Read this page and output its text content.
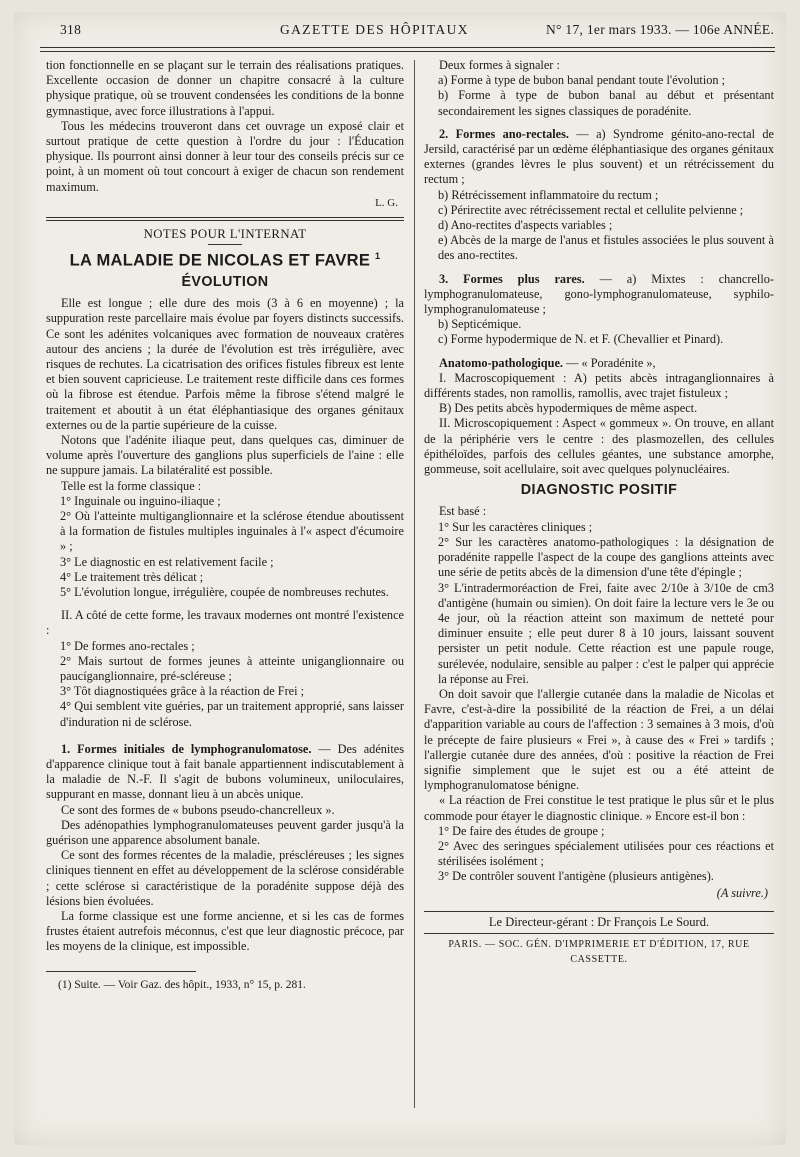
318	GAZETTE DES HÔPITAUX	N° 17, 1er mars 1933. — 106e ANNÉE.

tion fonctionnelle en se plaçant sur le terrain des réalisations pratiques. Excellente occasion de donner un chapitre consacré à la culture physique pratique, où se trouvent condensées les conditions de la bonne gymnastique, avec force illustrations à l'appui.

Tous les médecins trouveront dans cet ouvrage un exposé clair et surtout pratique de cette question à l'ordre du jour : l'Éducation physique. Ils pourront ainsi donner à leur tour des conseils précis sur ce point, à un moment où tout concourt à exiger de chacun son rendement maximum.

L. G.
NOTES POUR L'INTERNAT
LA MALADIE DE NICOLAS ET FAVRE $^1$
ÉVOLUTION

Elle est longue ; elle dure des mois (3 à 6 en moyenne) ; la suppuration reste parcellaire mais évolue par foyers distincts successifs. Ce sont les adénites volcaniques avec formation de nouveaux cratères autour des anciens ; la durée de l'évolution est très irrégulière, avec risques de rechutes. La cicatrisation des orifices fistules fibreux est lente et bien souvent capricieuse. Le traitement reste difficile dans ces formes où la fibrose est étendue. Parfois même la fibrose s'étend malgré le traitement et aboutit à un état éléphantiasique des organes génitaux externes ou de la partie supérieure de la cuisse.

Notons que l'adénite iliaque peut, dans quelques cas, diminuer de volume après l'ouverture des ganglions plus superficiels de l'aine : elle ne suppure jamais. La bilatéralité est possible.

Telle est la forme classique :

1° Inguinale ou inguino-iliaque ;

2° Où l'atteinte multiganglionnaire et la sclérose étendue aboutissent à la formation de fistules multiples inguinales à l'« aspect d'écumoire » ;

3° Le diagnostic en est relativement facile ;

4° Le traitement très délicat ;

5° L'évolution longue, irrégulière, coupée de nombreuses rechutes.

II. A côté de cette forme, les travaux modernes ont montré l'existence :

1° De formes ano-rectales ;

2° Mais surtout de formes jeunes à atteinte uniganglionnaire ou paucíganglionnaire, pré-scléreuse ;

3° Tôt diagnostiquées grâce à la réaction de Frei ;

4° Qui semblent vite guéries, par un traitement approprié, sans laisser d'induration ni de sclérose.

1. Formes initiales de lymphogranulomatose. — Des adénites d'apparence clinique tout à fait banale appartiennent indiscutablement à la maladie de N.-F. Il s'agit de bubons volumineux, uniloculaires, suppurant en masse, donnant lieu à un abcès unique.

Ce sont des formes de « bubons pseudo-chancrelleux ».

Des adénopathies lymphogranulomateuses peuvent garder jusqu'à la guérison une apparence absolument banale.

Ce sont des formes récentes de la maladie, préscléreuses ; les signes cliniques tiennent en effet au développement de la sclérose considérable ; cette sclérose si caractéristique de la poradénite suppose déjà des lésions bien évoluées.

La forme classique est une forme ancienne, et si les cas de formes frustes étaient autrefois méconnus, c'est que leur diagnostic précoce, par les moyens de la clinique, est impossible.

(1) Suite. — Voir Gaz. des hôpit., 1933, n° 15, p. 281.

Deux formes à signaler :

a) Forme à type de bubon banal pendant toute l'évolution ;

b) Forme à type de bubon banal au début et présentant secondairement les signes classiques de poradénite.

2. Formes ano-rectales. — a) Syndrome génito-ano-rectal de Jersild, caractérisé par un œdème éléphantiasique des organes génitaux externes (grandes lèvres le plus souvent) et un rétrécissement du rectum ;

b) Rétrécissement inflammatoire du rectum ;

c) Périrectite avec rétrécissement rectal et cellulite pelvienne ;

d) Ano-rectites d'aspects variables ;

e) Abcès de la marge de l'anus et fistules associées le plus souvent à des ano-rectites.

3. Formes plus rares. — a) Mixtes : chancrello-lymphogranulomateuse, gono-lymphogranulomateuse, syphilo-lymphogranulomateuse ;

b) Septicémique.

c) Forme hypodermique de N. et F. (Chevallier et Pinard).

Anatomo-pathologique. — « Poradénite »,

I. Macroscopiquement : A) petits abcès intraganglionnaires à différents stades, non ramollis, ramollis, avec trajet fistuleux ;

B) Des petits abcès hypodermiques de même aspect.

II. Microscopiquement : Aspect « gommeux ». On trouve, en allant de la périphérie vers le centre : des plasmozellen, des cellules épithéloïdes, parfois des cellules géantes, une substance amorphe, gommeuse, soit acellulaire, soit avec quelques polynucléaires.

DIAGNOSTIC POSITIF

Est basé :

1° Sur les caractères cliniques ;

2° Sur les caractères anatomo-pathologiques : la désignation de poradénite rappelle l'aspect de la coupe des ganglions atteints avec une série de petits abcès de la dimension d'une tête d'épingle ;

3° L'intradermoréaction de Frei, faite avec 2/10e à 3/10e de cm3 d'antigène (humain ou simien). On doit faire la lecture vers le 3e ou 4e jour, où la réaction atteint son maximum de netteté pour diminuer ensuite ; elle peut durer 8 à 10 jours, laissant souvent persister un petit nodule. Cette réaction est une papule rouge, surélevée, nodulaire, sensible au palper : c'est le palper qui apprécie la réponse au Frei.

On doit savoir que l'allergie cutanée dans la maladie de Nicolas et Favre, c'est-à-dire la possibilité de la réaction de Frei, a un délai d'apparition variable au cours de l'affection : 3 semaines à 3 mois, d'où le précepte de faire plusieurs « Frei », à cause des « Frei » tardifs ; l'allergie cutanée dure des années, d'où : positive la réaction de Frei signifie simplement que le sujet est ou a été atteint de lymphogranulomatose bénigne.

« La réaction de Frei constitue le test pratique le plus sûr et le plus commode pour étayer le diagnostic clinique. » Encore est-il bon :

1° De faire des études de groupe ;

2° Avec des seringues spécialement utilisées pour ces réactions et stérilisées isolément ;

3° De contrôler souvent l'antigène (plusieurs antigènes).

(A suivre.)
Le Directeur-gérant : Dr François Le Sourd.
PARIS. — SOC. GÉN. D'IMPRIMERIE ET D'ÉDITION, 17, RUE CASSETTE.
